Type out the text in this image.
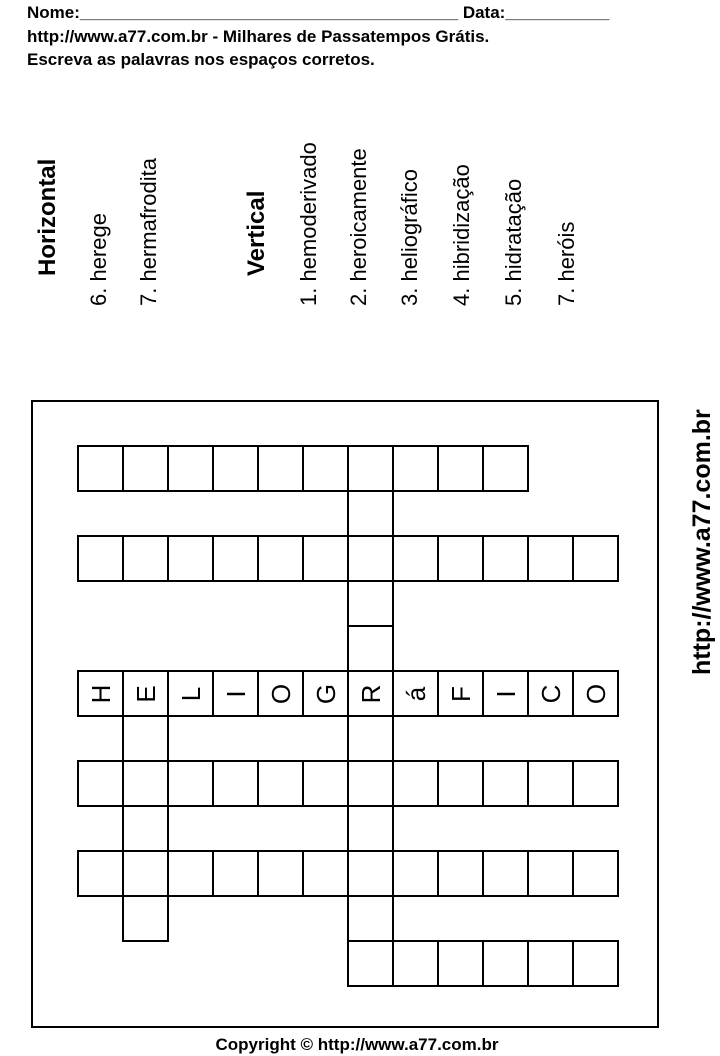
Nome:________________________________________ Data:___________
http://www.a77.com.br - Milhares de Passatempos Grátis.
Escreva as palavras nos espaços corretos.
Horizontal 6. herege 7. hermafrodita	Vertical 1. hemoderivado 2. heroicamente 3. heliográfico 4. hibridização 5. hidratação 7. heróis
http://www.a77.com.br
H E L I O G R á F I C O
Copyright © http://www.a77.com.br
